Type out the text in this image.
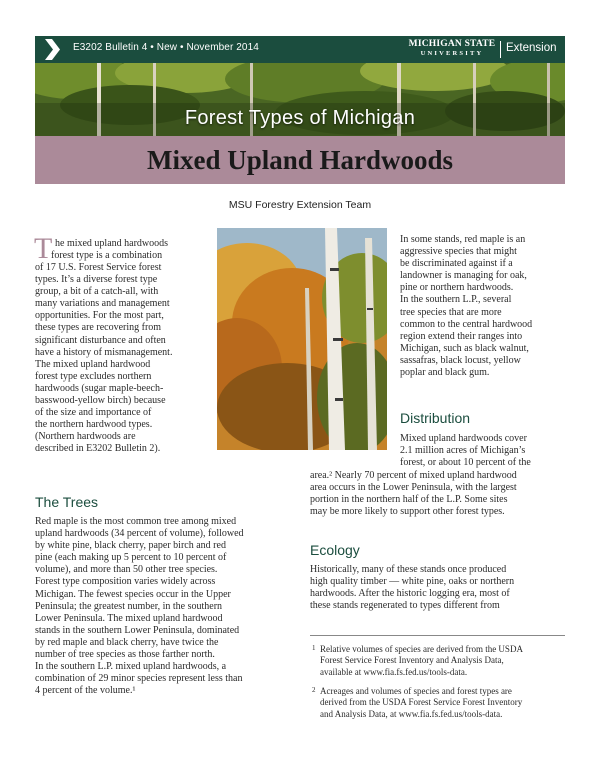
E3202 Bulletin 4 • New • November 2014	MICHIGAN STATE
UNIVERSITY	Extension
Forest Types of Michigan
Mixed Upland Hardwoods
MSU Forestry Extension Team
T he mixed upland hardwoods
forest type is a combination
of 17 U.S. Forest Service forest
types. It’s a diverse forest type
group, a bit of a catch-all, with
many variations and management
opportunities. For the most part,
these types are recovering from
significant disturbance and often
have a history of mismanagement.
The mixed upland hardwood
forest type excludes northern
hardwoods (sugar maple-beech-
basswood-yellow birch) because
of the size and importance of
the northern hardwood types.
(Northern hardwoods are
described in E3202 Bulletin 2).
In some stands, red maple is an
aggressive species that might
be discriminated against if a
landowner is managing for oak,
pine or northern hardwoods.
In the southern L.P., several
tree species that are more
common to the central hardwood
region extend their ranges into
Michigan, such as black walnut,
sassafras, black locust, yellow
poplar and black gum.
Distribution
Mixed upland hardwoods cover
2.1 million acres of Michigan’s
forest, or about 10 percent of the
area.² Nearly 70 percent of mixed upland hardwood
area occurs in the Lower Peninsula, with the largest
portion in the northern half of the L.P. Some sites
may be more likely to support other forest types.
The Trees
Red maple is the most common tree among mixed
upland hardwoods (34 percent of volume), followed
by white pine, black cherry, paper birch and red
pine (each making up 5 percent to 10 percent of
volume), and more than 50 other tree species.
Forest type composition varies widely across
Michigan. The fewest species occur in the Upper
Peninsula; the greatest number, in the southern
Lower Peninsula. The mixed upland hardwood
stands in the southern Lower Peninsula, dominated
by red maple and black cherry, have twice the
number of tree species as those farther north.
In the southern L.P. mixed upland hardwoods, a
combination of 29 minor species represent less than
4 percent of the volume.¹
Ecology
Historically, many of these stands once produced
high quality timber — white pine, oaks or northern
hardwoods. After the historic logging era, most of
these stands regenerated to types different from
1 Relative volumes of species are derived from the USDA
Forest Service Forest Inventory and Analysis Data,
available at www.fia.fs.fed.us/tools-data.
2 Acreages and volumes of species and forest types are
derived from the USDA Forest Service Forest Inventory
and Analysis Data, at www.fia.fs.fed.us/tools-data.
